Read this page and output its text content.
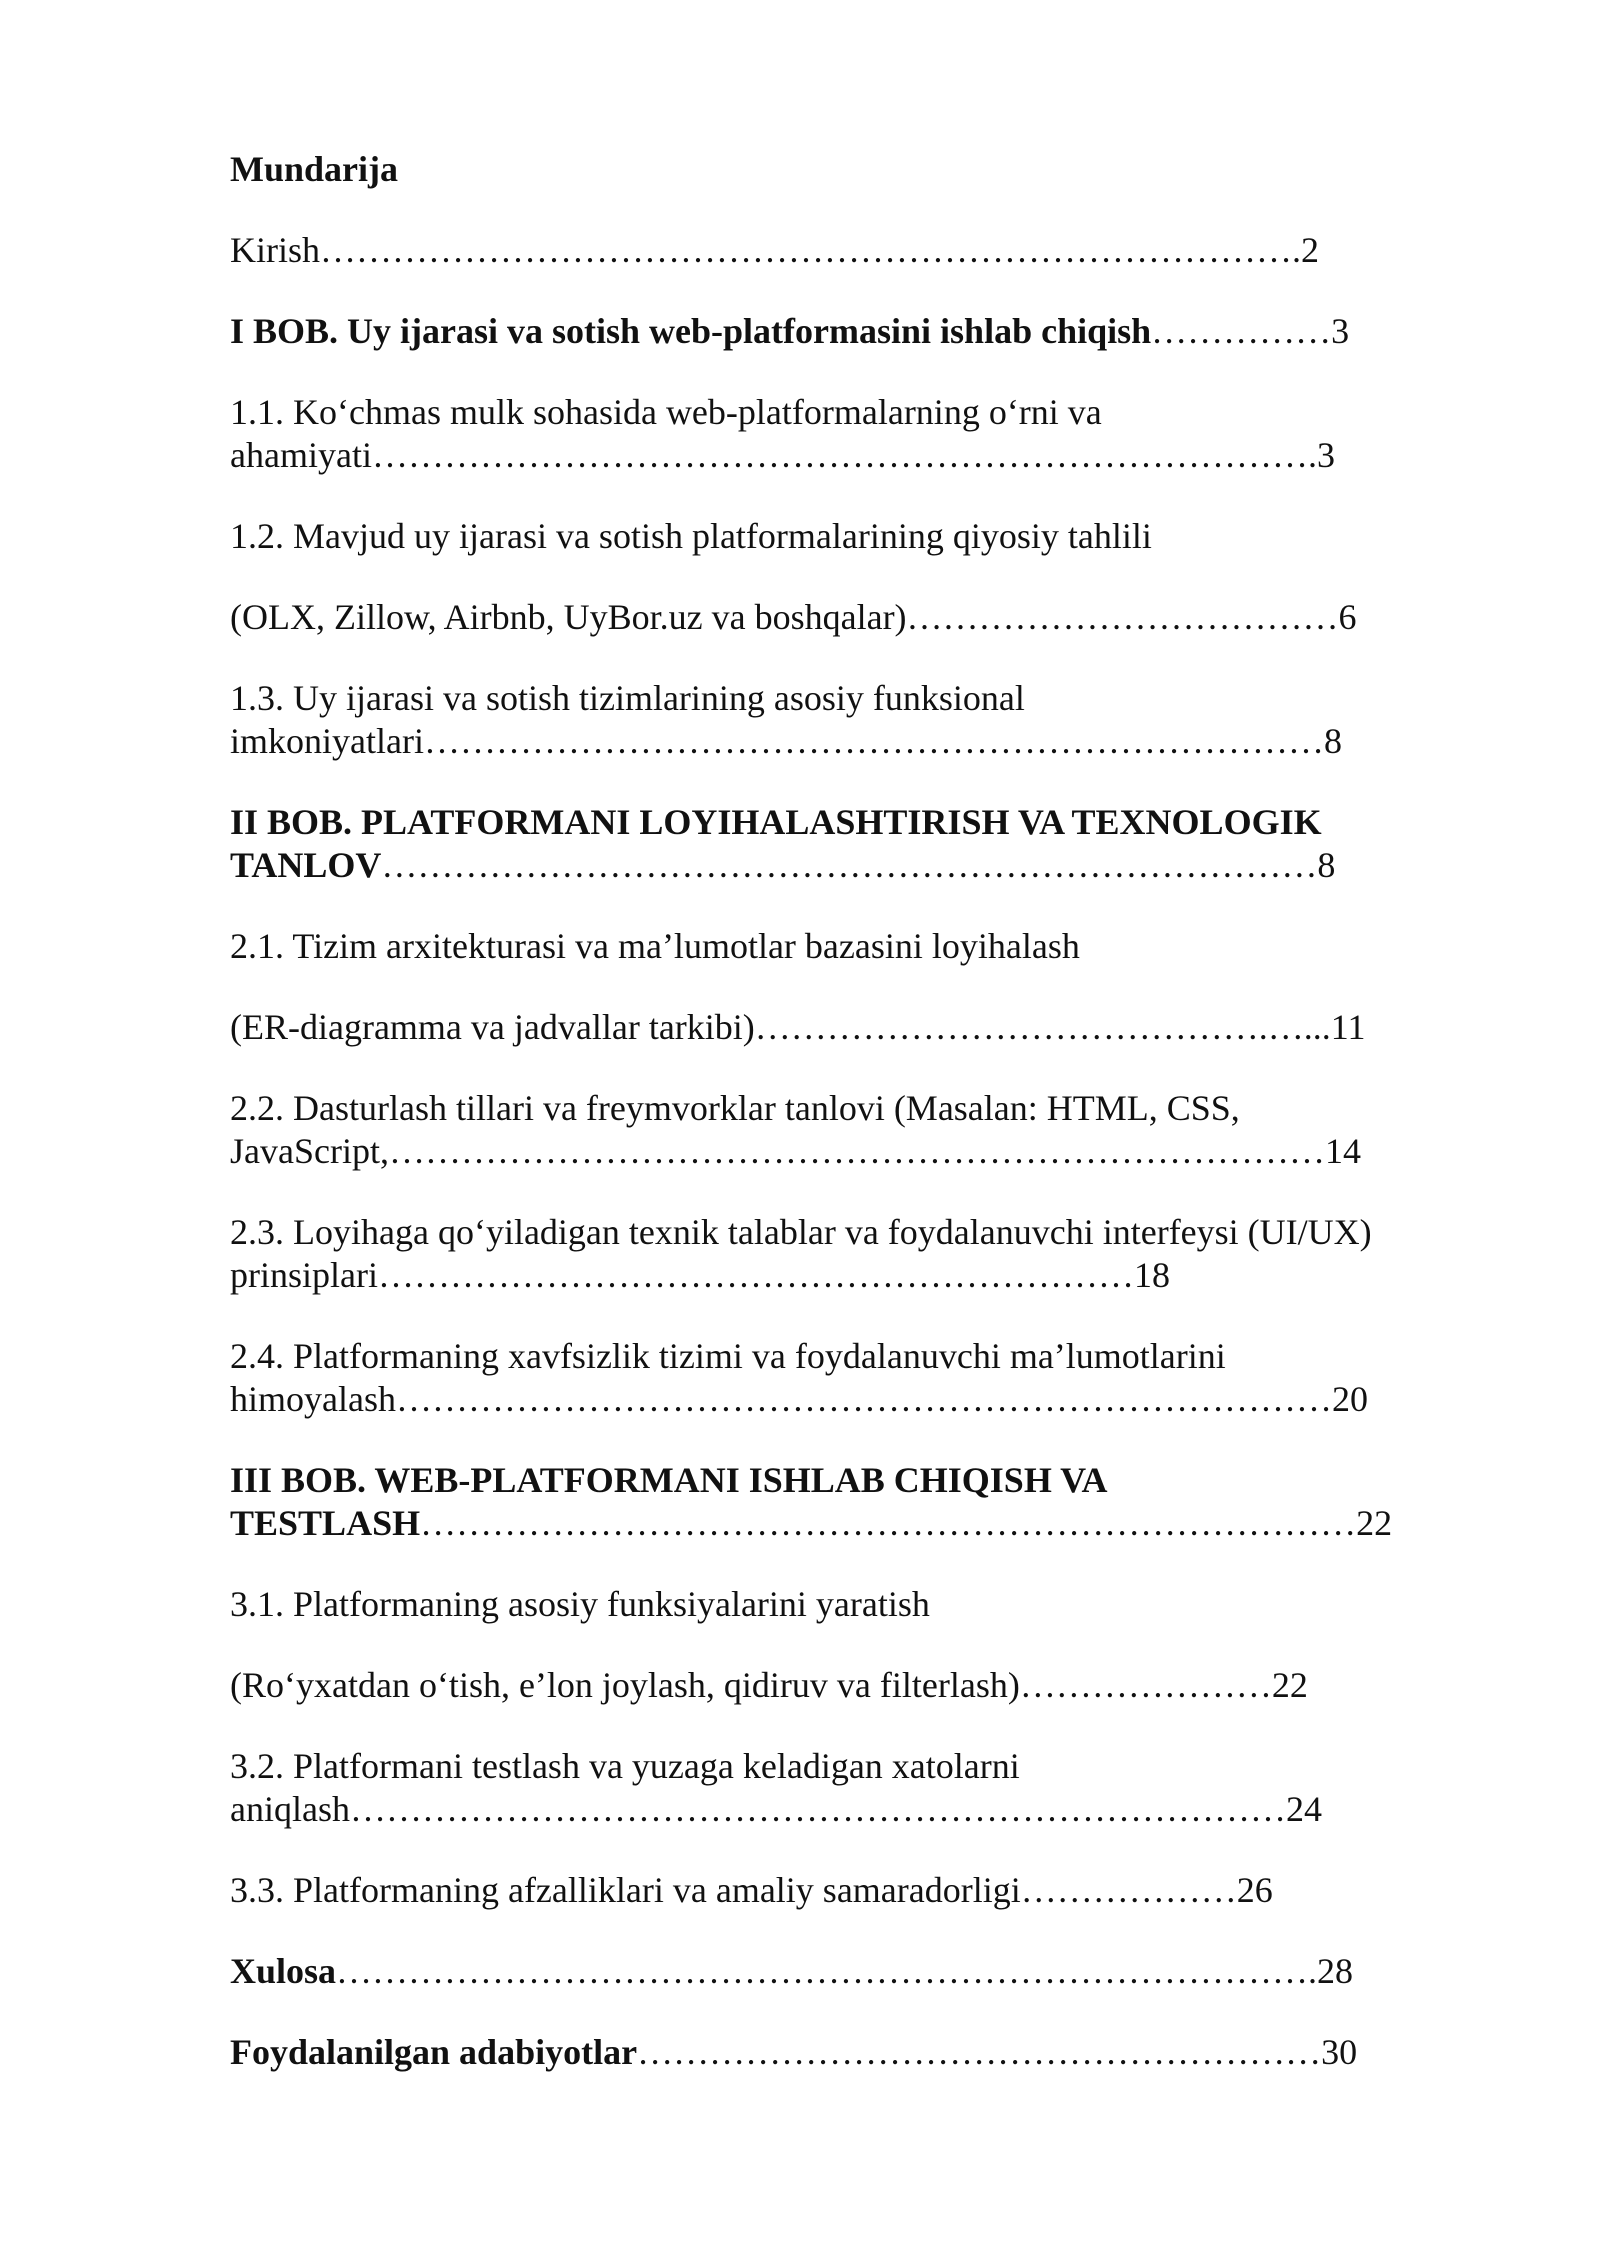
Mundarija
Kirish……………………………………………………………………….2
I BOB. Uy ijarasi va sotish web-platformasini ishlab chiqish……………3
1.1. Ko‘chmas mulk sohasida web-platformalarning o‘rni va
ahamiyati…………………………………………………………………….3
1.2. Mavjud uy ijarasi va sotish platformalarining qiyosiy tahlili
(OLX, Zillow, Airbnb, UyBor.uz va boshqalar)………………………………6
1.3. Uy ijarasi va sotish tizimlarining asosiy funksional
imkoniyatlari…………………………………………………………………8
II BOB. PLATFORMANI LOYIHALASHTIRISH VA TEXNOLOGIK
TANLOV……………………………………………………………………8
2.1. Tizim arxitekturasi va ma’lumotlar bazasini loyihalash
(ER-diagramma va jadvallar tarkibi)…………………………………….…...11
2.2. Dasturlash tillari va freymvorklar tanlovi (Masalan: HTML, CSS,
JavaScript,……………………………………………………………………14
2.3. Loyihaga qo‘yiladigan texnik talablar va foydalanuvchi interfeysi (UI/UX)
prinsiplari………………………………………………………18
2.4. Platformaning xavfsizlik tizimi va foydalanuvchi ma’lumotlarini
himoyalash……………………………………………………………………20
III BOB. WEB-PLATFORMANI ISHLAB CHIQISH VA
TESTLASH……………………………………………………………………22
3.1. Platformaning asosiy funksiyalarini yaratish
(Ro‘yxatdan o‘tish, e’lon joylash, qidiruv va filterlash)…………………22
3.2. Platformani testlash va yuzaga keladigan xatolarni
aniqlash……………………………………………………………………24
3.3. Platformaning afzalliklari va amaliy samaradorligi………………26
Xulosa……………………………………………………………………….28
Foydalanilgan adabiyotlar…………………………………………………30
